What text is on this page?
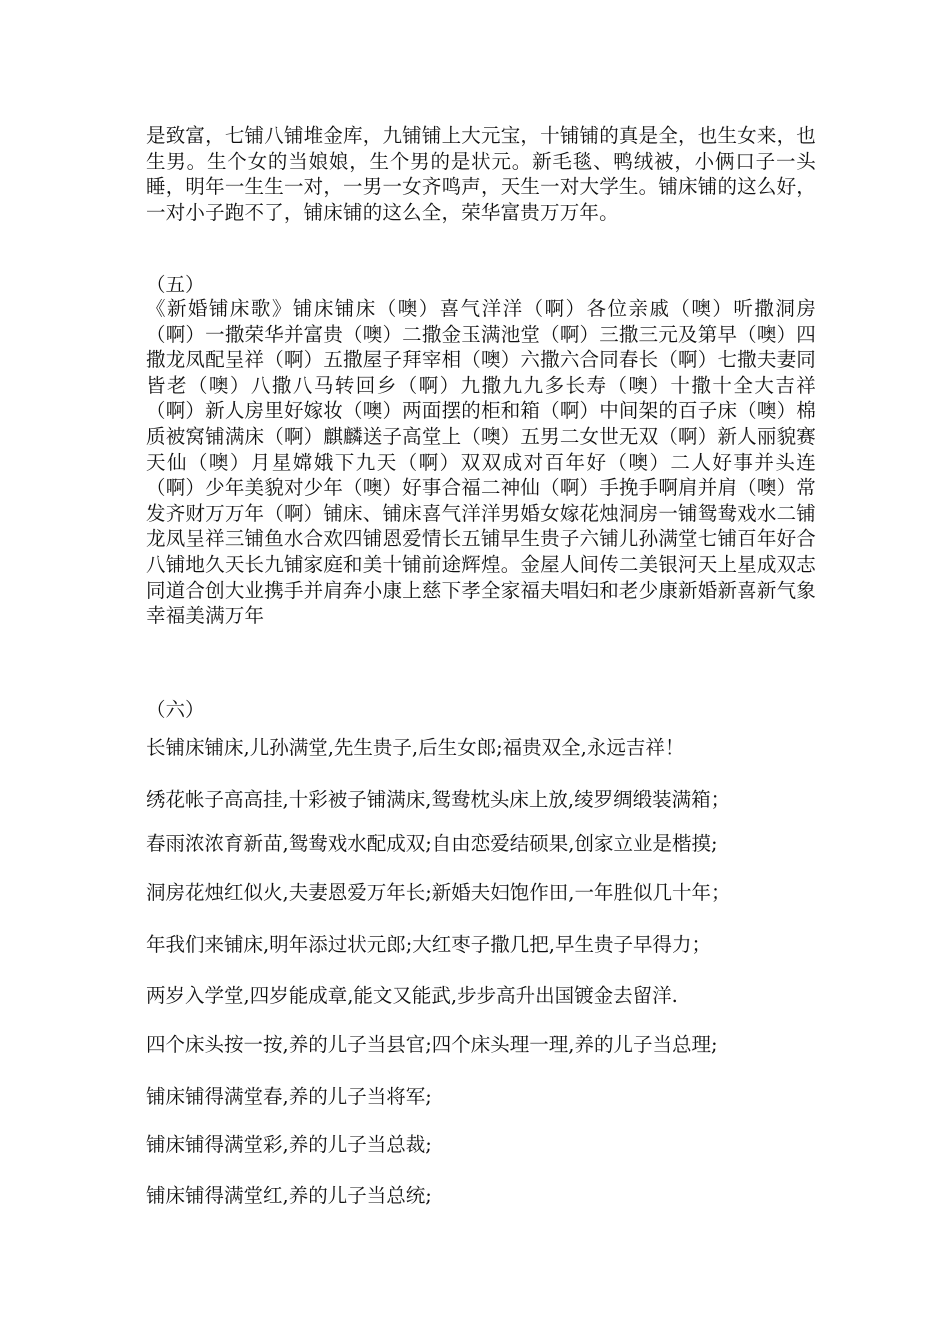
是致富，七铺八铺堆金库，九铺铺上大元宝，十铺铺的真是全，也生女来，也生男。生个女的当娘娘，生个男的是状元。新毛毯、鸭绒被，小俩口子一头睡，明年一生生一对，一男一女齐鸣声，天生一对大学生。铺床铺的这么好，一对小子跑不了，铺床铺的这么全，荣华富贵万万年。

（五）

《新婚铺床歌》铺床铺床（噢）喜气洋洋（啊）各位亲戚（噢）听撒洞房（啊）一撒荣华并富贵（噢）二撒金玉满池堂（啊）三撒三元及第早（噢）四撒龙凤配呈祥（啊）五撒屋子拜宰相（噢）六撒六合同春长（啊）七撒夫妻同皆老（噢）八撒八马转回乡（啊）九撒九九多长寿（噢）十撒十全大吉祥（啊）新人房里好嫁妆（噢）两面摆的柜和箱（啊）中间架的百子床（噢）棉质被窝铺满床（啊）麒麟送子高堂上（噢）五男二女世无双（啊）新人丽貌赛天仙（噢）月星嫦娥下九天（啊）双双成对百年好（噢）二人好事并头连（啊）少年美貌对少年（噢）好事合福二神仙（啊）手挽手啊肩并肩（噢）常发齐财万万年（啊）铺床、铺床喜气洋洋男婚女嫁花烛洞房一铺鸳鸯戏水二铺龙凤呈祥三铺鱼水合欢四铺恩爱情长五铺早生贵子六铺儿孙满堂七铺百年好合八铺地久天长九铺家庭和美十铺前途辉煌。金屋人间传二美银河天上星成双志同道合创大业携手并肩奔小康上慈下孝全家福夫唱妇和老少康新婚新喜新气象幸福美满万年

（六）

长铺床铺床,儿孙满堂,先生贵子,后生女郎;福贵双全,永远吉祥！

绣花帐子高高挂,十彩被子铺满床,鸳鸯枕头床上放,绫罗绸缎装满箱；

春雨浓浓育新苗,鸳鸯戏水配成双;自由恋爱结硕果,创家立业是楷摸;

洞房花烛红似火,夫妻恩爱万年长;新婚夫妇饱作田,一年胜似几十年；

年我们来铺床,明年添过状元郎;大红枣子撒几把,早生贵子早得力；

两岁入学堂,四岁能成章,能文又能武,步步高升出国镀金去留洋.

四个床头按一按,养的儿子当县官;四个床头理一理,养的儿子当总理;

铺床铺得满堂春,养的儿子当将军;

铺床铺得满堂彩,养的儿子当总裁;

铺床铺得满堂红,养的儿子当总统;
